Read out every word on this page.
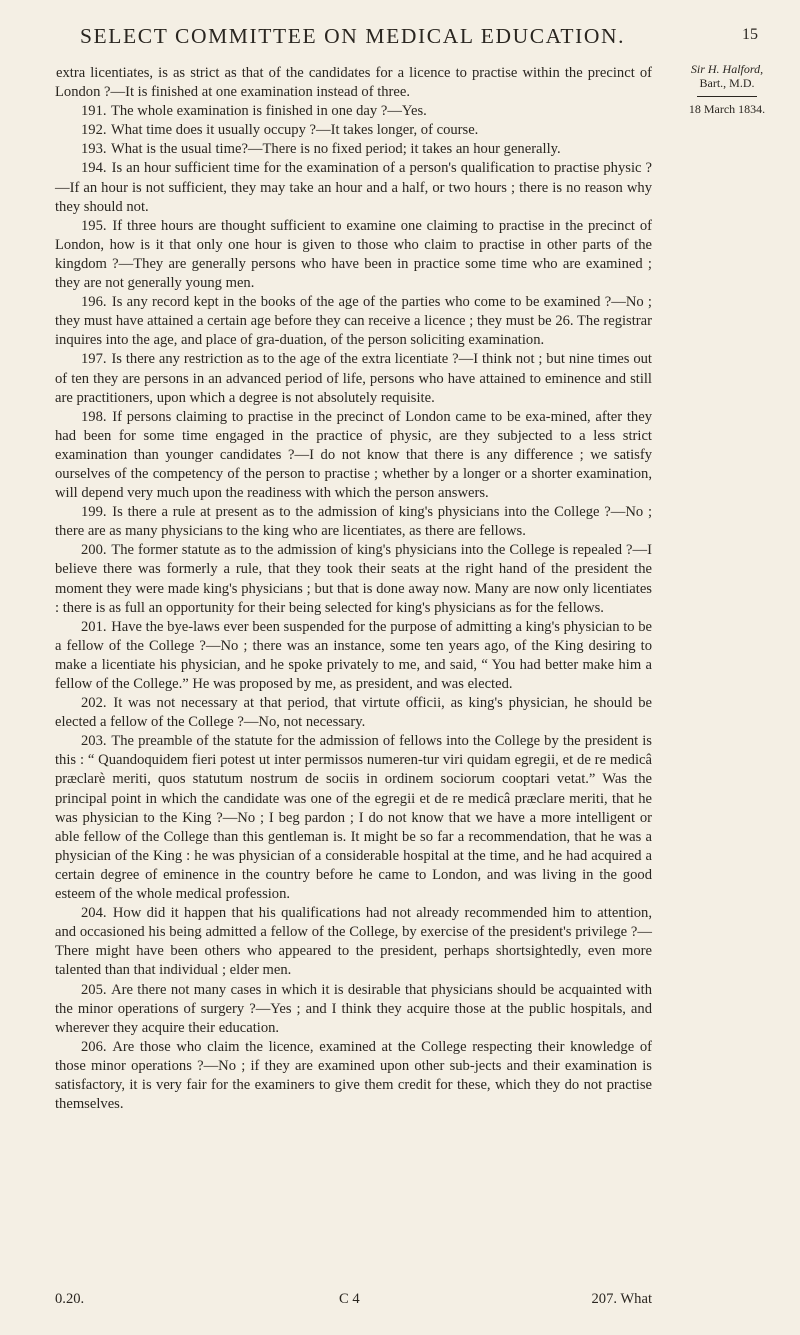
SELECT COMMITTEE ON MEDICAL EDUCATION.	15
Sir H. Halford,
Bart., M.D.
18 March 1834.

extra licentiates, is as strict as that of the candidates for a licence to practise within the precinct of London ?—It is finished at one examination instead of three.

191. The whole examination is finished in one day ?—Yes.

192. What time does it usually occupy ?—It takes longer, of course.

193. What is the usual time?—There is no fixed period; it takes an hour generally.

194. Is an hour sufficient time for the examination of a person's qualification to practise physic ?—If an hour is not sufficient, they may take an hour and a half, or two hours ; there is no reason why they should not.

195. If three hours are thought sufficient to examine one claiming to practise in the precinct of London, how is it that only one hour is given to those who claim to practise in other parts of the kingdom ?—They are generally persons who have been in practice some time who are examined ; they are not generally young men.

196. Is any record kept in the books of the age of the parties who come to be examined ?—No ; they must have attained a certain age before they can receive a licence ; they must be 26. The registrar inquires into the age, and place of gra-duation, of the person soliciting examination.

197. Is there any restriction as to the age of the extra licentiate ?—I think not ; but nine times out of ten they are persons in an advanced period of life, persons who have attained to eminence and still are practitioners, upon which a degree is not absolutely requisite.

198. If persons claiming to practise in the precinct of London came to be exa-mined, after they had been for some time engaged in the practice of physic, are they subjected to a less strict examination than younger candidates ?—I do not know that there is any difference ; we satisfy ourselves of the competency of the person to practise ; whether by a longer or a shorter examination, will depend very much upon the readiness with which the person answers.

199. Is there a rule at present as to the admission of king's physicians into the College ?—No ; there are as many physicians to the king who are licentiates, as there are fellows.

200. The former statute as to the admission of king's physicians into the College is repealed ?—I believe there was formerly a rule, that they took their seats at the right hand of the president the moment they were made king's physicians ; but that is done away now. Many are now only licentiates : there is as full an opportunity for their being selected for king's physicians as for the fellows.

201. Have the bye-laws ever been suspended for the purpose of admitting a king's physician to be a fellow of the College ?—No ; there was an instance, some ten years ago, of the King desiring to make a licentiate his physician, and he spoke privately to me, and said, “ You had better make him a fellow of the College.” He was proposed by me, as president, and was elected.

202. It was not necessary at that period, that virtute officii, as king's physician, he should be elected a fellow of the College ?—No, not necessary.

203. The preamble of the statute for the admission of fellows into the College by the president is this : “ Quandoquidem fieri potest ut inter permissos numeren-tur viri quidam egregii, et de re medicâ præclarè meriti, quos statutum nostrum de sociis in ordinem sociorum cooptari vetat.” Was the principal point in which the candidate was one of the egregii et de re medicâ præclare meriti, that he was physician to the King ?—No ; I beg pardon ; I do not know that we have a more intelligent or able fellow of the College than this gentleman is. It might be so far a recommendation, that he was a physician of the King : he was physician of a considerable hospital at the time, and he had acquired a certain degree of eminence in the country before he came to London, and was living in the good esteem of the whole medical profession.

204. How did it happen that his qualifications had not already recommended him to attention, and occasioned his being admitted a fellow of the College, by exercise of the president's privilege ?—There might have been others who appeared to the president, perhaps shortsightedly, even more talented than that individual ; elder men.

205. Are there not many cases in which it is desirable that physicians should be acquainted with the minor operations of surgery ?—Yes ; and I think they acquire those at the public hospitals, and wherever they acquire their education.

206. Are those who claim the licence, examined at the College respecting their knowledge of those minor operations ?—No ; if they are examined upon other sub-jects and their examination is satisfactory, it is very fair for the examiners to give them credit for these, which they do not practise themselves.

0.20.	C 4	207. What
